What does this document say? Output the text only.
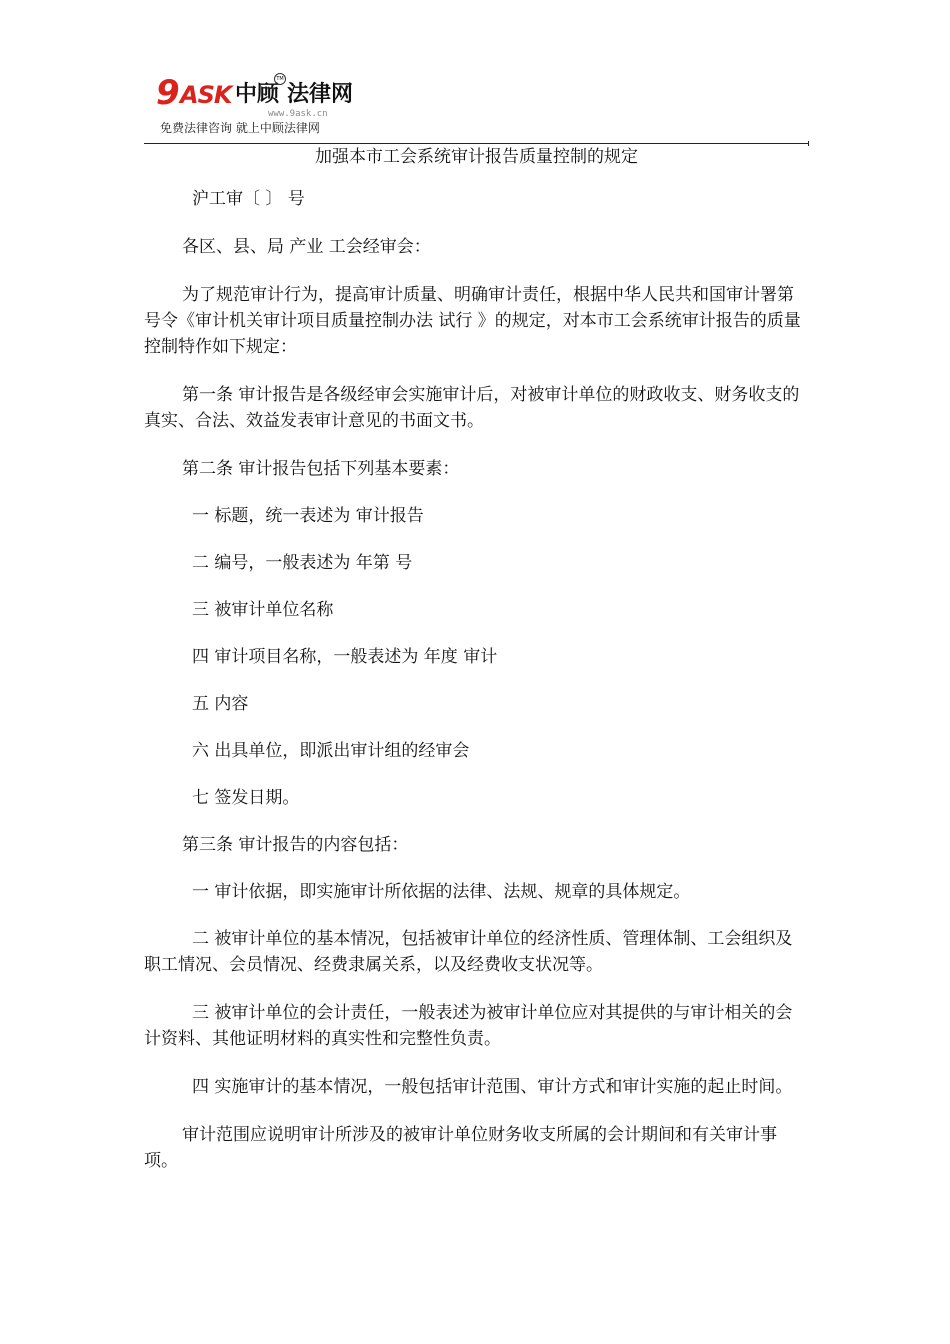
9 ASK 中顾
TM
法律网
www.9ask.cn
免费法律咨询 就上中顾法律网
加强本市工会系统审计报告质量控制的规定

沪工审〔 〕 号

各区、县、局 产业 工会经审会：

为了规范审计行为，提高审计质量、明确审计责任，根据中华人民共和国审计署第 号令《审计机关审计项目质量控制办法 试行 》的规定，对本市工会系统审计报告的质量控制特作如下规定：

第一条 审计报告是各级经审会实施审计后，对被审计单位的财政收支、财务收支的真实、合法、效益发表审计意见的书面文书。

第二条 审计报告包括下列基本要素：

一 标题，统一表述为 审计报告

二 编号，一般表述为 年第 号

三 被审计单位名称

四 审计项目名称，一般表述为 年度 审计

五 内容

六 出具单位，即派出审计组的经审会

七 签发日期。

第三条 审计报告的内容包括：

一 审计依据，即实施审计所依据的法律、法规、规章的具体规定。

二 被审计单位的基本情况，包括被审计单位的经济性质、管理体制、工会组织及职工情况、会员情况、经费隶属关系，以及经费收支状况等。

三 被审计单位的会计责任，一般表述为被审计单位应对其提供的与审计相关的会计资料、其他证明材料的真实性和完整性负责。

四 实施审计的基本情况，一般包括审计范围、审计方式和审计实施的起止时间。

审计范围应说明审计所涉及的被审计单位财务收支所属的会计期间和有关审计事项。
